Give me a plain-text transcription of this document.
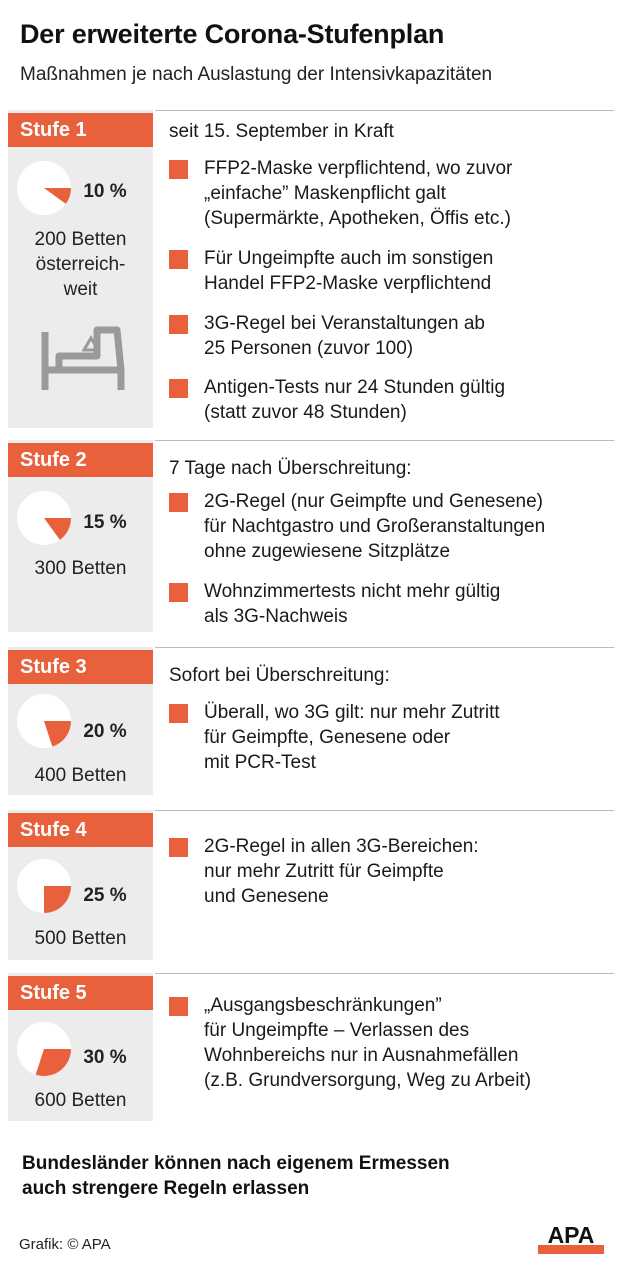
Der erweiterte Corona-Stufenplan
Maßnahmen je nach Auslastung der Intensivkapazitäten
Stufe 1
10 %
200 Betten
österreich-
weit
seit 15. September in Kraft
FFP2-Maske verpflichtend, wo zuvor
„einfache” Maskenpflicht galt
(Supermärkte, Apotheken, Öffis etc.)
Für Ungeimpfte auch im sonstigen
Handel FFP2-Maske verpflichtend
3G-Regel bei Veranstaltungen ab
25 Personen (zuvor 100)
Antigen-Tests nur 24 Stunden gültig
(statt zuvor 48 Stunden)
Stufe 2
15 %
300 Betten
7 Tage nach Überschreitung:
2G-Regel (nur Geimpfte und Genesene)
für Nachtgastro und Großeranstaltungen
ohne zugewiesene Sitzplätze
Wohnzimmertests nicht mehr gültig
als 3G-Nachweis
Stufe 3
20 %
400 Betten
Sofort bei Überschreitung:
Überall, wo 3G gilt: nur mehr Zutritt
für Geimpfte, Genesene oder
mit PCR-Test
Stufe 4
25 %
500 Betten
2G-Regel in allen 3G-Bereichen:
nur mehr Zutritt für Geimpfte
und Genesene
Stufe 5
30 %
600 Betten
„Ausgangsbeschränkungen”
für Ungeimpfte – Verlassen des
Wohnbereichs nur in Ausnahmefällen
(z.B. Grundversorgung, Weg zu Arbeit)
Bundesländer können nach eigenem Ermessen
auch strengere Regeln erlassen
Grafik: © APA	APA
